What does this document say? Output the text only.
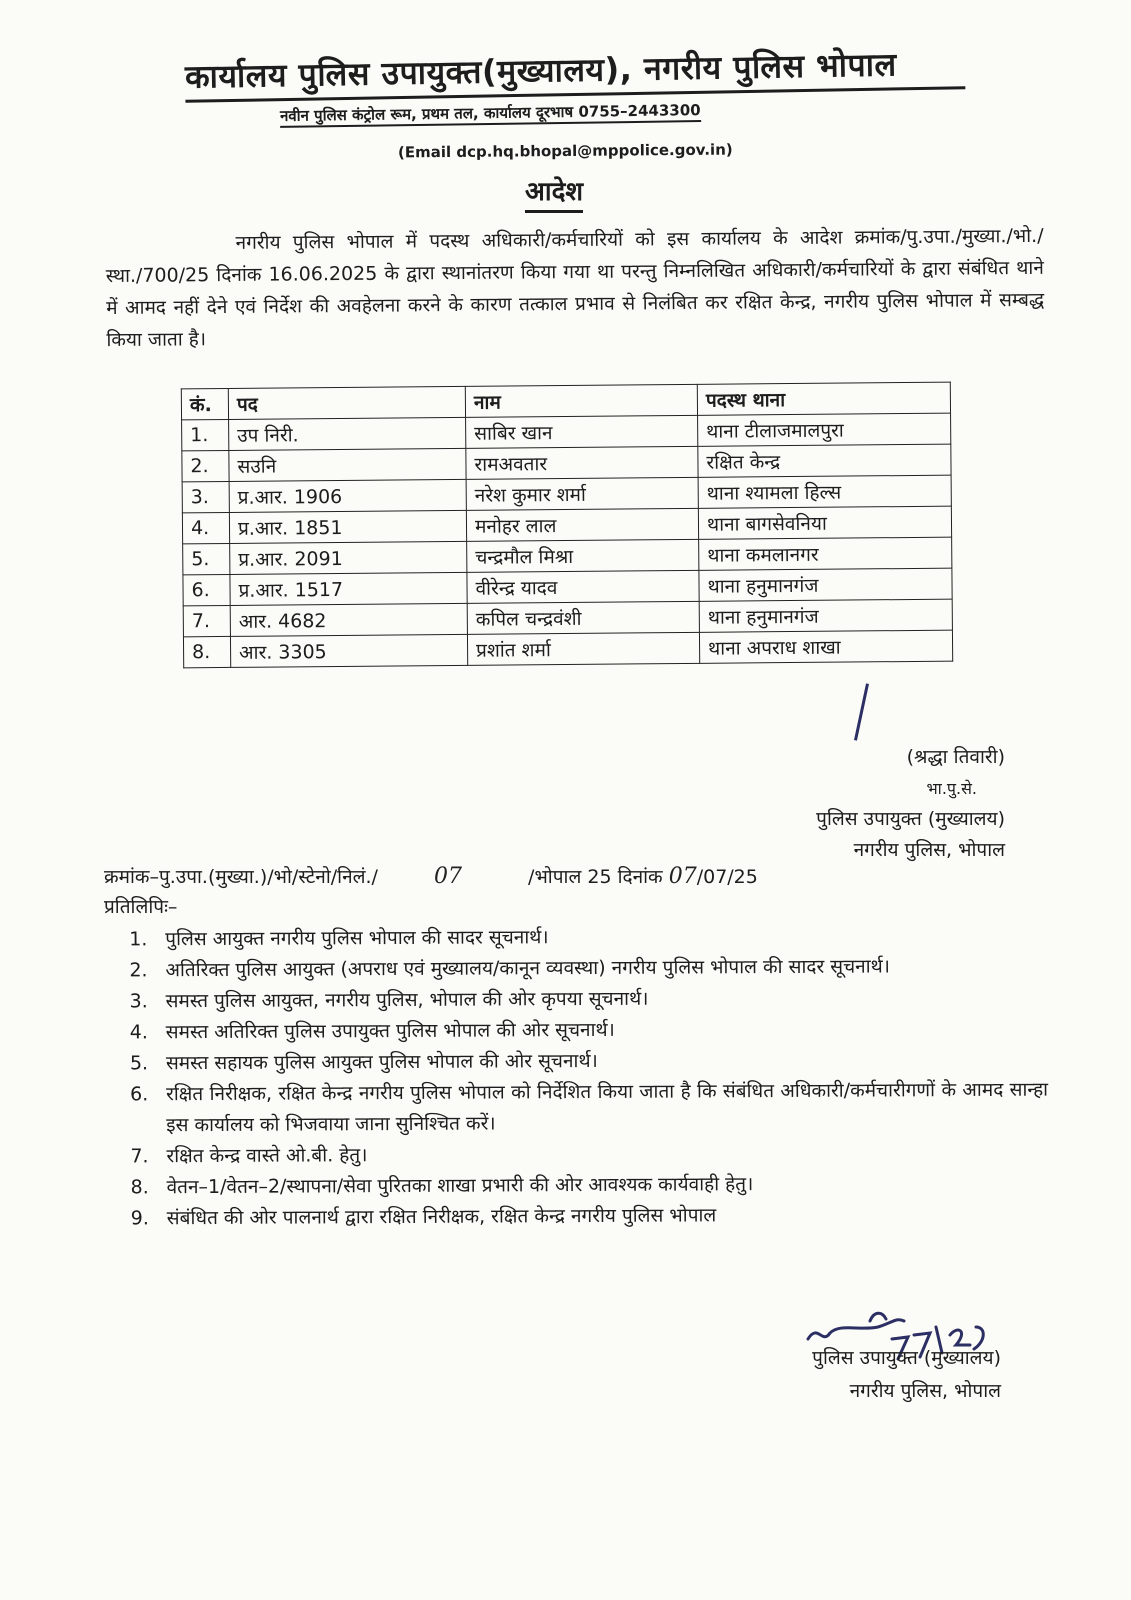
कार्यालय पुलिस उपायुक्त(मुख्यालय), नगरीय पुलिस भोपाल
नवीन पुलिस कंट्रोल रूम, प्रथम तल, कार्यालय दूरभाष 0755–2443300
(Email dcp.hq.bhopal@mppolice.gov.in)
आदेश
नगरीय पुलिस भोपाल में पदस्थ अधिकारी/कर्मचारियों को इस कार्यालय के आदेश क्रमांक/पु.उपा./मुख्या./भो./स्था./700/25 दिनांक 16.06.2025 के द्वारा स्थानांतरण किया गया था परन्तु निम्नलिखित अधिकारी/कर्मचारियों के द्वारा संबंधित थाने में आमद नहीं देने एवं निर्देश की अवहेलना करने के कारण तत्काल प्रभाव से निलंबित कर रक्षित केन्द्र, नगरीय पुलिस भोपाल में सम्बद्ध किया जाता है।
कं.	पद	नाम	पदस्थ थाना
1.	उप निरी.	साबिर खान	थाना टीलाजमालपुरा
2.	सउनि	रामअवतार	रक्षित केन्द्र
3.	प्र.आर. 1906	नरेश कुमार शर्मा	थाना श्यामला हिल्स
4.	प्र.आर. 1851	मनोहर लाल	थाना बागसेवनिया
5.	प्र.आर. 2091	चन्द्रमौल मिश्रा	थाना कमलानगर
6.	प्र.आर. 1517	वीरेन्द्र यादव	थाना हनुमानगंज
7.	आर. 4682	कपिल चन्द्रवंशी	थाना हनुमानगंज
8.	आर. 3305	प्रशांत शर्मा	थाना अपराध शाखा
(श्रद्धा तिवारी)
भा.पु.से.
पुलिस उपायुक्त (मुख्यालय)
नगरीय पुलिस, भोपाल
क्रमांक–पु.उपा.(मुख्या.)/भो/स्टेनो/निलं./	07	/भोपाल 25 दिनांक 07/07/25
प्रतिलिपिः–
1. पुलिस आयुक्त नगरीय पुलिस भोपाल की सादर सूचनार्थ।
2. अतिरिक्त पुलिस आयुक्त (अपराध एवं मुख्यालय/कानून व्यवस्था) नगरीय पुलिस भोपाल की सादर सूचनार्थ।
3. समस्त पुलिस आयुक्त, नगरीय पुलिस, भोपाल की ओर कृपया सूचनार्थ।
4. समस्त अतिरिक्त पुलिस उपायुक्त पुलिस भोपाल की ओर सूचनार्थ।
5. समस्त सहायक पुलिस आयुक्त पुलिस भोपाल की ओर सूचनार्थ।
6. रक्षित निरीक्षक, रक्षित केन्द्र नगरीय पुलिस भोपाल को निर्देशित किया जाता है कि संबंधित अधिकारी/कर्मचारीगणों के आमद सान्हा इस कार्यालय को भिजवाया जाना सुनिश्चित करें।
7. रक्षित केन्द्र वास्ते ओ.बी. हेतु।
8. वेतन–1/वेतन–2/स्थापना/सेवा पुरितका शाखा प्रभारी की ओर आवश्यक कार्यवाही हेतु।
9. संबंधित की ओर पालनार्थ द्वारा रक्षित निरीक्षक, रक्षित केन्द्र नगरीय पुलिस भोपाल
पुलिस उपायुक्त (मुख्यालय)
नगरीय पुलिस, भोपाल
